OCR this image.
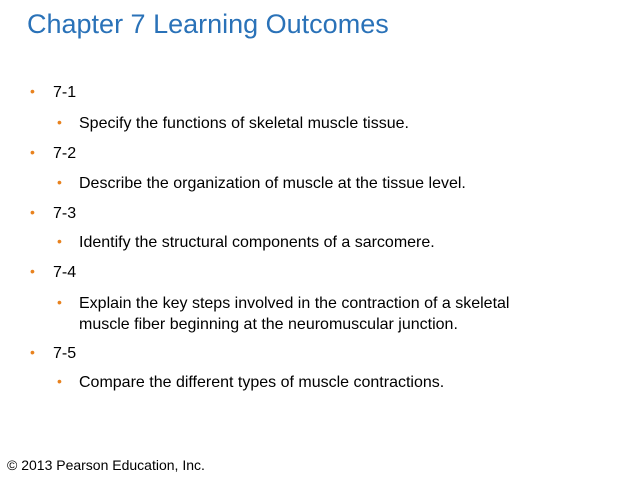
Chapter 7 Learning Outcomes
• 7-1
• Specify the functions of skeletal muscle tissue.
• 7-2
• Describe the organization of muscle at the tissue level.
• 7-3
• Identify the structural components of a sarcomere.
• 7-4
• Explain the key steps involved in the contraction of a skeletal
muscle fiber beginning at the neuromuscular junction.
• 7-5
• Compare the different types of muscle contractions.
© 2013 Pearson Education, Inc.
